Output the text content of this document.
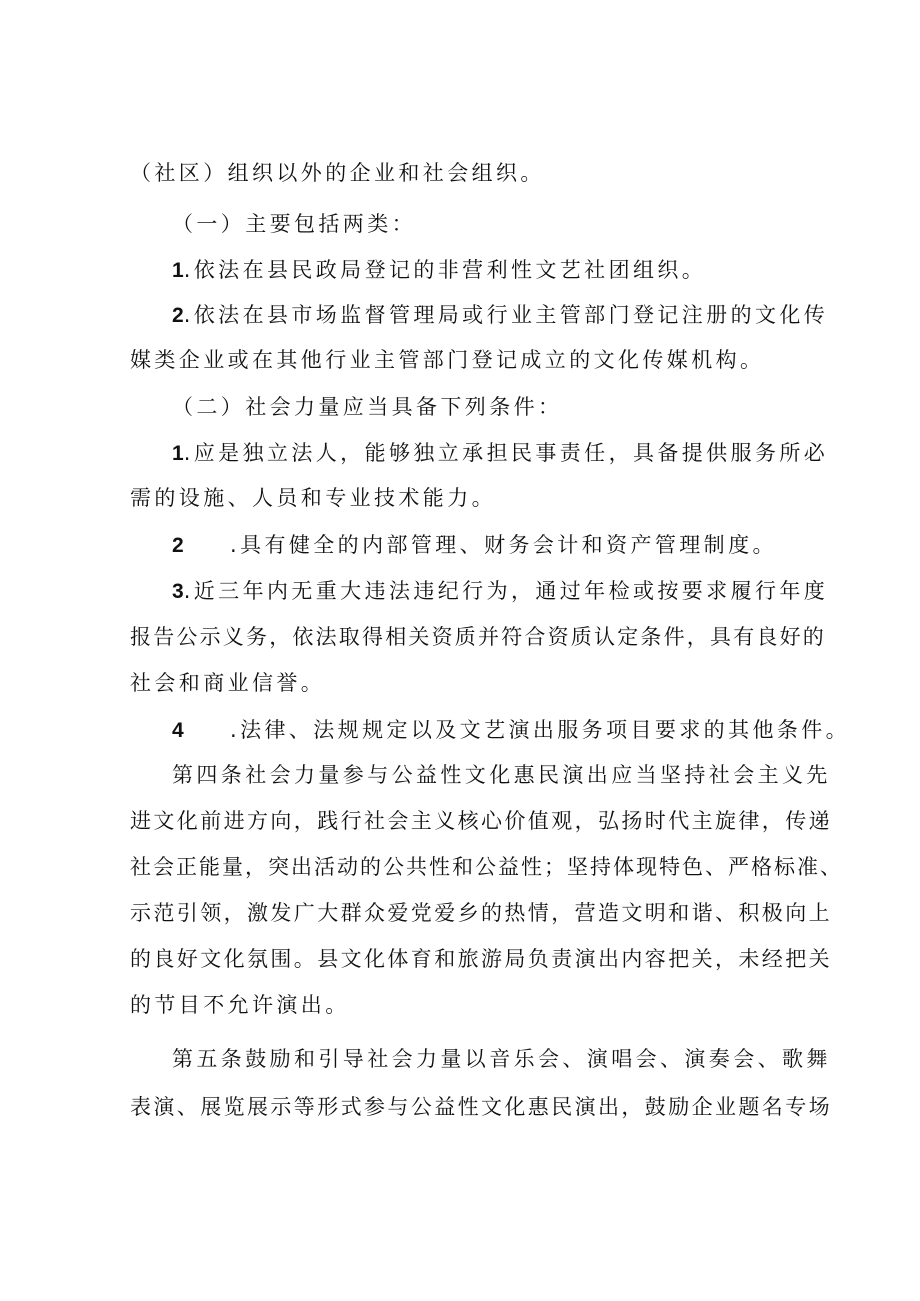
（社区）组织以外的企业和社会组织。
（一）主要包括两类：
1.依法在县民政局登记的非营利性文艺社团组织。
2.依法在县市场监督管理局或行业主管部门登记注册的文化传
媒类企业或在其他行业主管部门登记成立的文化传媒机构。
（二）社会力量应当具备下列条件：
1.应是独立法人，能够独立承担民事责任，具备提供服务所必
需的设施、人员和专业技术能力。
2 .具有健全的内部管理、财务会计和资产管理制度。
3.近三年内无重大违法违纪行为，通过年检或按要求履行年度
报告公示义务，依法取得相关资质并符合资质认定条件，具有良好的
社会和商业信誉。
4 .法律、法规规定以及文艺演出服务项目要求的其他条件。
第四条社会力量参与公益性文化惠民演出应当坚持社会主义先
进文化前进方向，践行社会主义核心价值观，弘扬时代主旋律，传递
社会正能量，突出活动的公共性和公益性；坚持体现特色、严格标准、
示范引领，激发广大群众爱党爱乡的热情，营造文明和谐、积极向上
的良好文化氛围。县文化体育和旅游局负责演出内容把关，未经把关
的节目不允许演出。
第五条鼓励和引导社会力量以音乐会、演唱会、演奏会、歌舞
表演、展览展示等形式参与公益性文化惠民演出，鼓励企业题名专场
